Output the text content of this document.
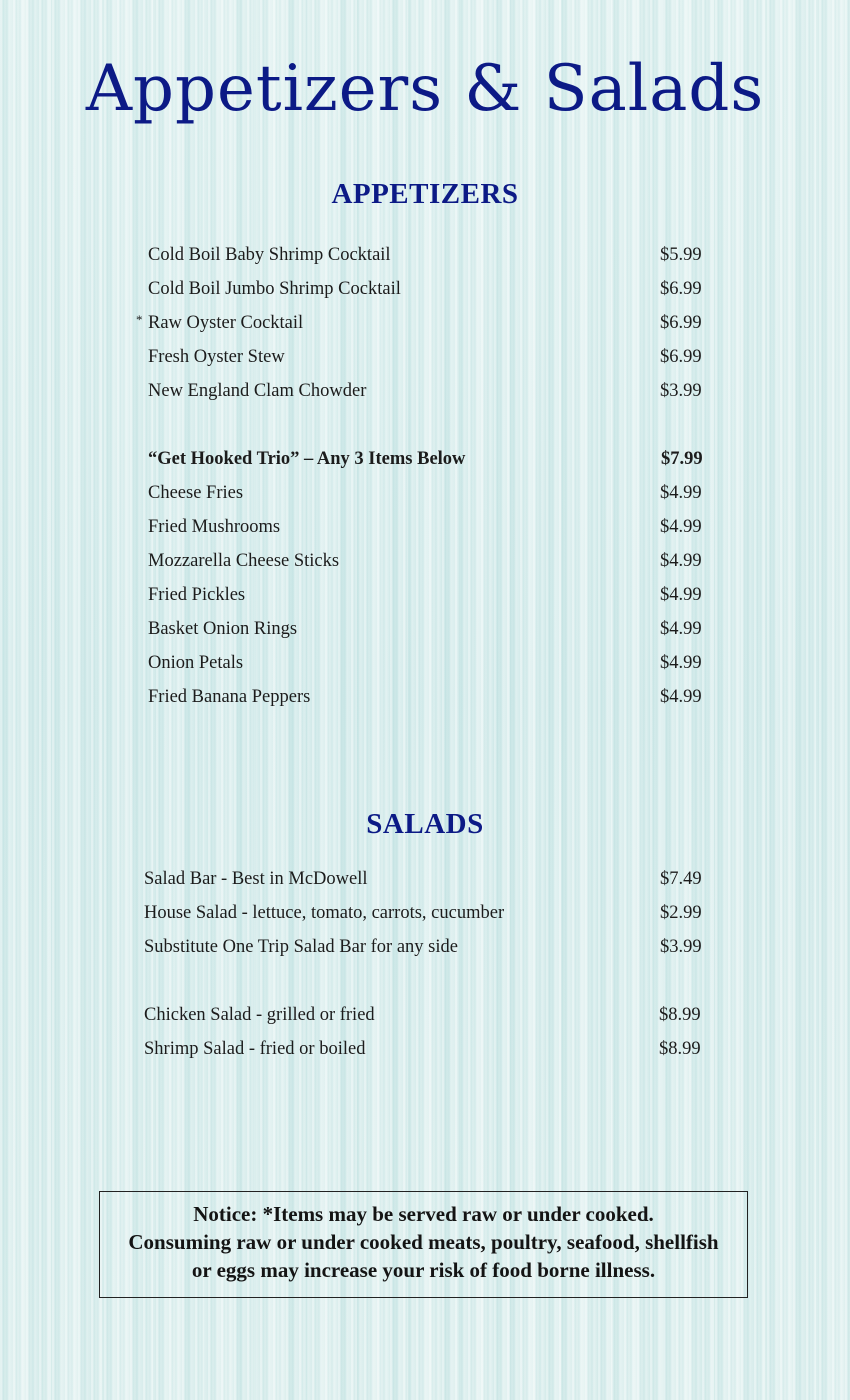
Appetizers & Salads
APPETIZERS
Cold Boil Baby Shrimp Cocktail	$5.99
Cold Boil Jumbo Shrimp Cocktail	$6.99
* Raw Oyster Cocktail	$6.99
Fresh Oyster Stew	$6.99
New England Clam Chowder	$3.99
“Get Hooked Trio” – Any 3 Items Below	$7.99
Cheese Fries	$4.99
Fried Mushrooms	$4.99
Mozzarella Cheese Sticks	$4.99
Fried Pickles	$4.99
Basket Onion Rings	$4.99
Onion Petals	$4.99
Fried Banana Peppers	$4.99
SALADS
Salad Bar - Best in McDowell	$7.49
House Salad - lettuce, tomato, carrots, cucumber	$2.99
Substitute One Trip Salad Bar for any side	$3.99
Chicken Salad - grilled or fried	$8.99
Shrimp Salad - fried or boiled	$8.99
Notice: *Items may be served raw or under cooked.
Consuming raw or under cooked meats, poultry, seafood, shellfish
or eggs may increase your risk of food borne illness.
